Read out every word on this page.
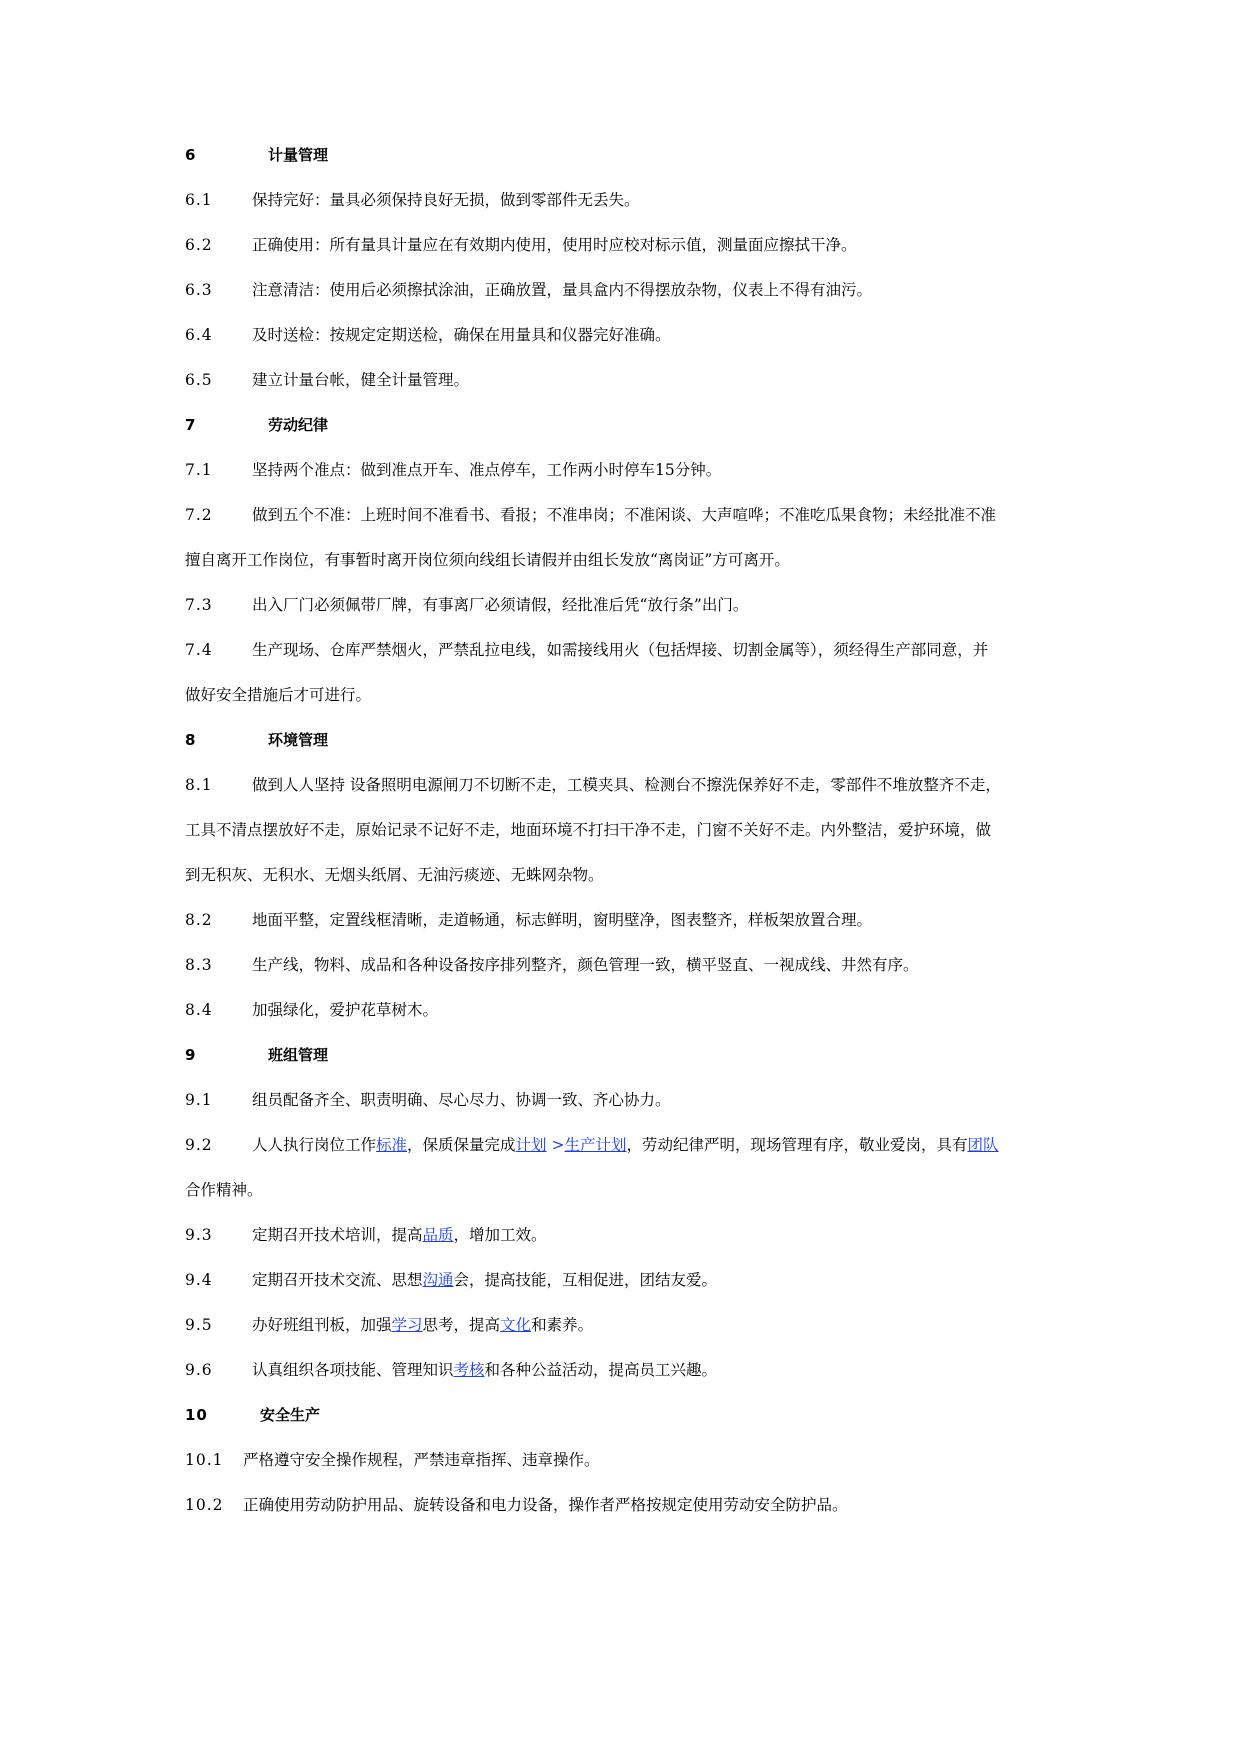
6	计量管理
6.1	保持完好：量具必须保持良好无损，做到零部件无丢失。
6.2	正确使用：所有量具计量应在有效期内使用，使用时应校对标示值，测量面应擦拭干净。
6.3	注意清洁：使用后必须擦拭涂油，正确放置，量具盒内不得摆放杂物，仪表上不得有油污。
6.4	及时送检：按规定定期送检，确保在用量具和仪器完好准确。
6.5	建立计量台帐，健全计量管理。
7	劳动纪律
7.1	坚持两个准点：做到准点开车、准点停车，工作两小时停车15分钟。
7.2	做到五个不准：上班时间不准看书、看报；不准串岗；不准闲谈、大声喧哗；不准吃瓜果食物；未经批准不准
擅自离开工作岗位，有事暂时离开岗位须向线组长请假并由组长发放“离岗证”方可离开。
7.3	出入厂门必须佩带厂牌，有事离厂必须请假，经批准后凭“放行条”出门。
7.4	生产现场、仓库严禁烟火，严禁乱拉电线，如需接线用火（包括焊接、切割金属等），须经得生产部同意，并
做好安全措施后才可进行。
8	环境管理
8.1	做到人人坚持 设备照明电源闸刀不切断不走，工模夹具、检测台不擦洗保养好不走，零部件不堆放整齐不走，
工具不清点摆放好不走，原始记录不记好不走，地面环境不打扫干净不走，门窗不关好不走。内外整洁，爱护环境，做
到无积灰、无积水、无烟头纸屑、无油污痰迹、无蛛网杂物。
8.2	地面平整，定置线框清晰，走道畅通，标志鲜明，窗明壁净，图表整齐，样板架放置合理。
8.3	生产线，物料、成品和各种设备按序排列整齐，颜色管理一致，横平竖直、一视成线、井然有序。
8.4	加强绿化，爱护花草树木。
9	班组管理
9.1	组员配备齐全、职责明确、尽心尽力、协调一致、齐心协力。
9.2	人人执行岗位工作标准，保质保量完成计划 >生产计划，劳动纪律严明，现场管理有序，敬业爱岗，具有团队
合作精神。
9.3	定期召开技术培训，提高品质，增加工效。
9.4	定期召开技术交流、思想沟通会，提高技能，互相促进，团结友爱。
9.5	办好班组刊板，加强学习思考，提高文化和素养。
9.6	认真组织各项技能、管理知识考核和各种公益活动，提高员工兴趣。
10	安全生产
10.1 严格遵守安全操作规程，严禁违章指挥、违章操作。
10.2 正确使用劳动防护用品、旋转设备和电力设备，操作者严格按规定使用劳动安全防护品。
